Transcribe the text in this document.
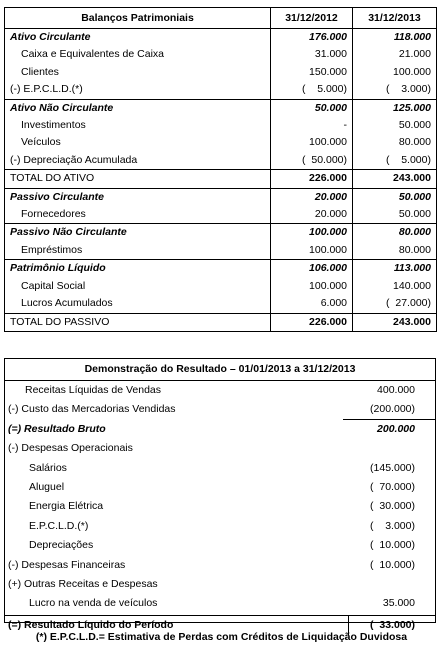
Balanços Patrimoniais	31/12/2012	31/12/2013
Ativo Circulante	176.000	118.000
Caixa e Equivalentes de Caixa	31.000	21.000
Clientes	150.000	100.000
(-) E.P.C.L.D.(*)	(    5.000)	(    3.000)
Ativo Não Circulante	50.000	125.000
Investimentos	-	50.000
Veículos	100.000	80.000
(-) Depreciação Acumulada	(  50.000)	(    5.000)
TOTAL DO ATIVO	226.000	243.000
Passivo Circulante	20.000	50.000
Fornecedores	20.000	50.000
Passivo Não Circulante	100.000	80.000
Empréstimos	100.000	80.000
Patrimônio Líquido	106.000	113.000
Capital Social	100.000	140.000
Lucros Acumulados	6.000	(  27.000)
TOTAL DO PASSIVO	226.000	243.000
Demonstração do Resultado – 01/01/2013 a 31/12/2013
Receitas Líquidas de Vendas	400.000
(-) Custo das Mercadorias Vendidas	(200.000)
(=) Resultado Bruto	200.000
(-) Despesas Operacionais
Salários	(145.000)
Aluguel	(  70.000)
Energia Elétrica	(  30.000)
E.P.C.L.D.(*)	(    3.000)
Depreciações	(  10.000)
(-) Despesas Financeiras	(  10.000)
(+) Outras Receitas e Despesas
Lucro na venda de veículos	35.000
(=) Resultado Líquido do Período	(  33.000)
(*) E.P.C.L.D.= Estimativa de Perdas com Créditos de Liquidação Duvidosa
